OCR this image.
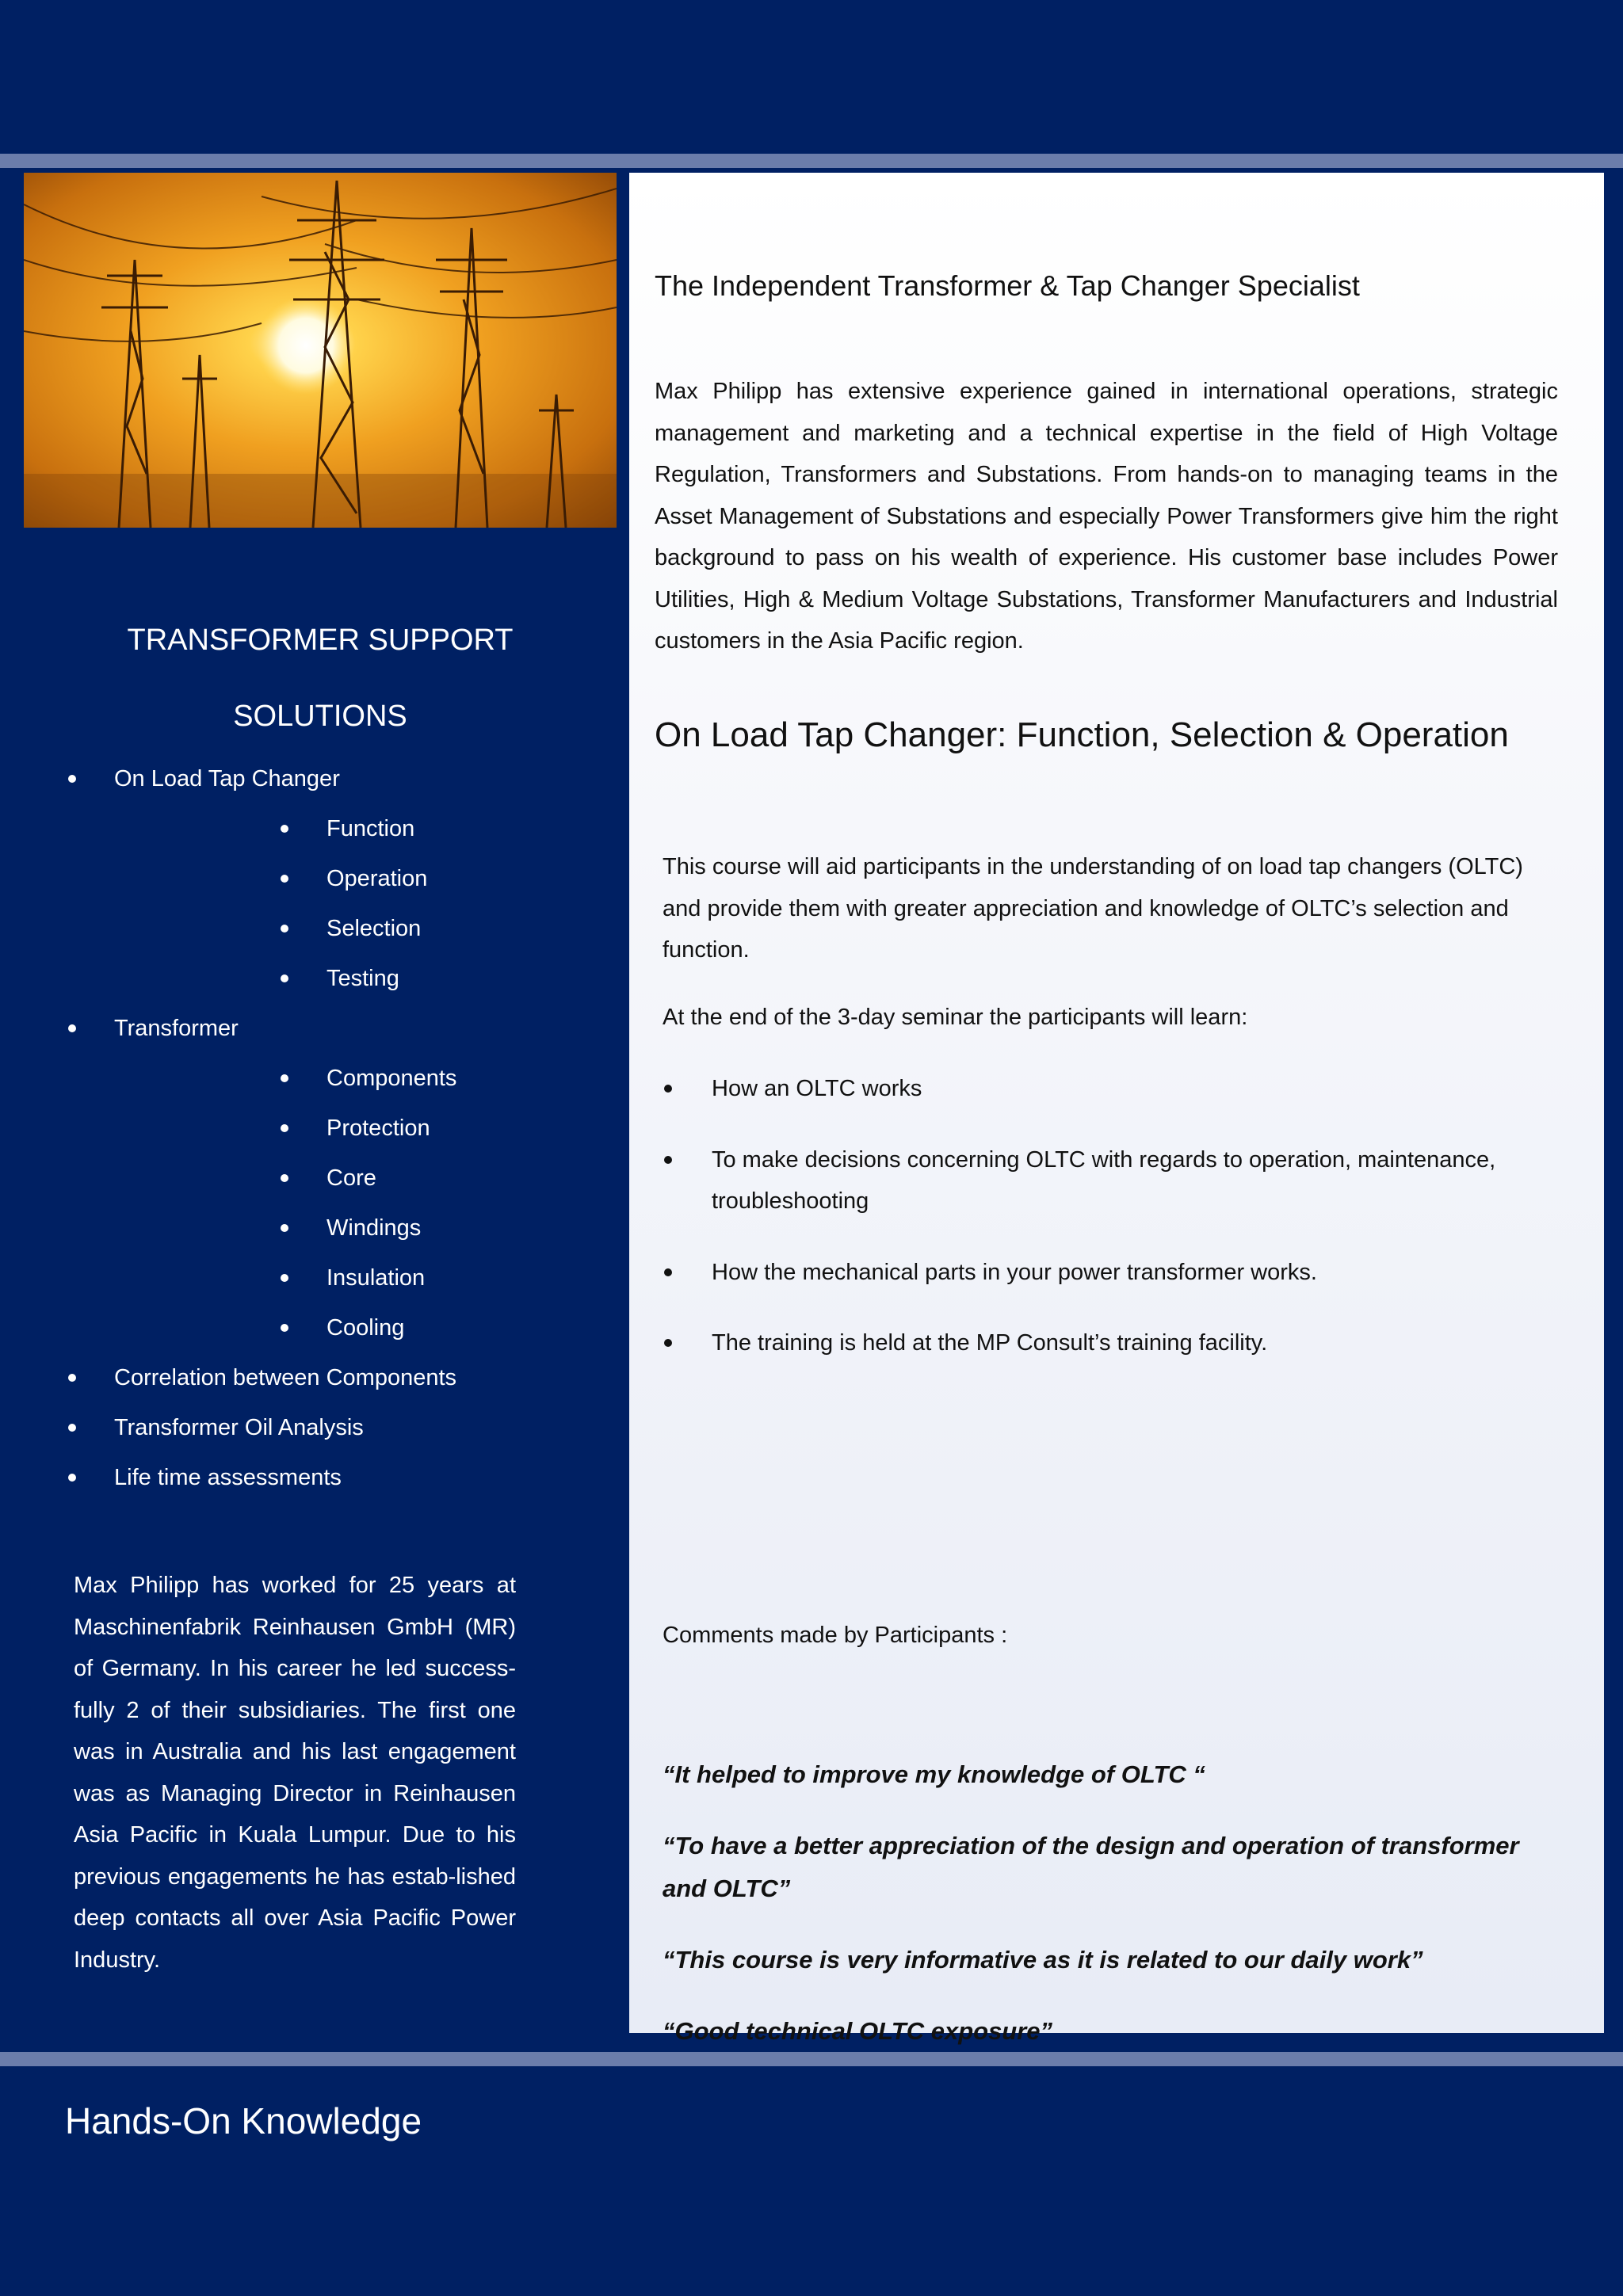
TRANSFORMER SUPPORT
SOLUTIONS
On Load Tap Changer
Function
Operation
Selection
Testing
Transformer
Components
Protection
Core
Windings
Insulation
Cooling
Correlation between Components
Transformer Oil Analysis
Life time assessments

Max Philipp has worked for 25 years at Maschinenfabrik Reinhausen GmbH (MR) of Germany. In his career he led success-fully 2 of their subsidiaries. The first one was in Australia and his last engagement was as Managing Director in Reinhausen Asia Pacific in Kuala Lumpur. Due to his previous engagements he has estab-lished deep contacts all over Asia Pacific Power Industry.

The Independent Transformer & Tap Changer Specialist

Max Philipp has extensive experience gained in international operations, strategic management and marketing and a technical expertise in the field of High Voltage Regulation, Transformers and Substations. From hands-on to managing teams in the Asset Management of Substations and especially Power Transformers give him the right background to pass on his wealth of experience. His customer base includes Power Utilities, High & Medium Voltage Substations, Transformer Manufacturers and Industrial customers in the Asia Pacific region.

On Load Tap Changer: Function, Selection & Operation

This course will aid participants in the understanding of on load tap changers (OLTC) and provide them with greater appreciation and knowledge of OLTC’s selection and function.

At the end of the 3-day seminar the participants will learn:

How an OLTC works
To make decisions concerning OLTC with regards to operation, maintenance, troubleshooting
How the mechanical parts in your power transformer works.
The training is held at the MP Consult’s training facility.

Comments made by Participants :

“It helped to improve my knowledge of OLTC “

“To have a better appreciation of the design and operation of transformer and OLTC”

“This course is very informative as it is related to our daily work”

“Good technical OLTC exposure”

Hands-On Knowledge
